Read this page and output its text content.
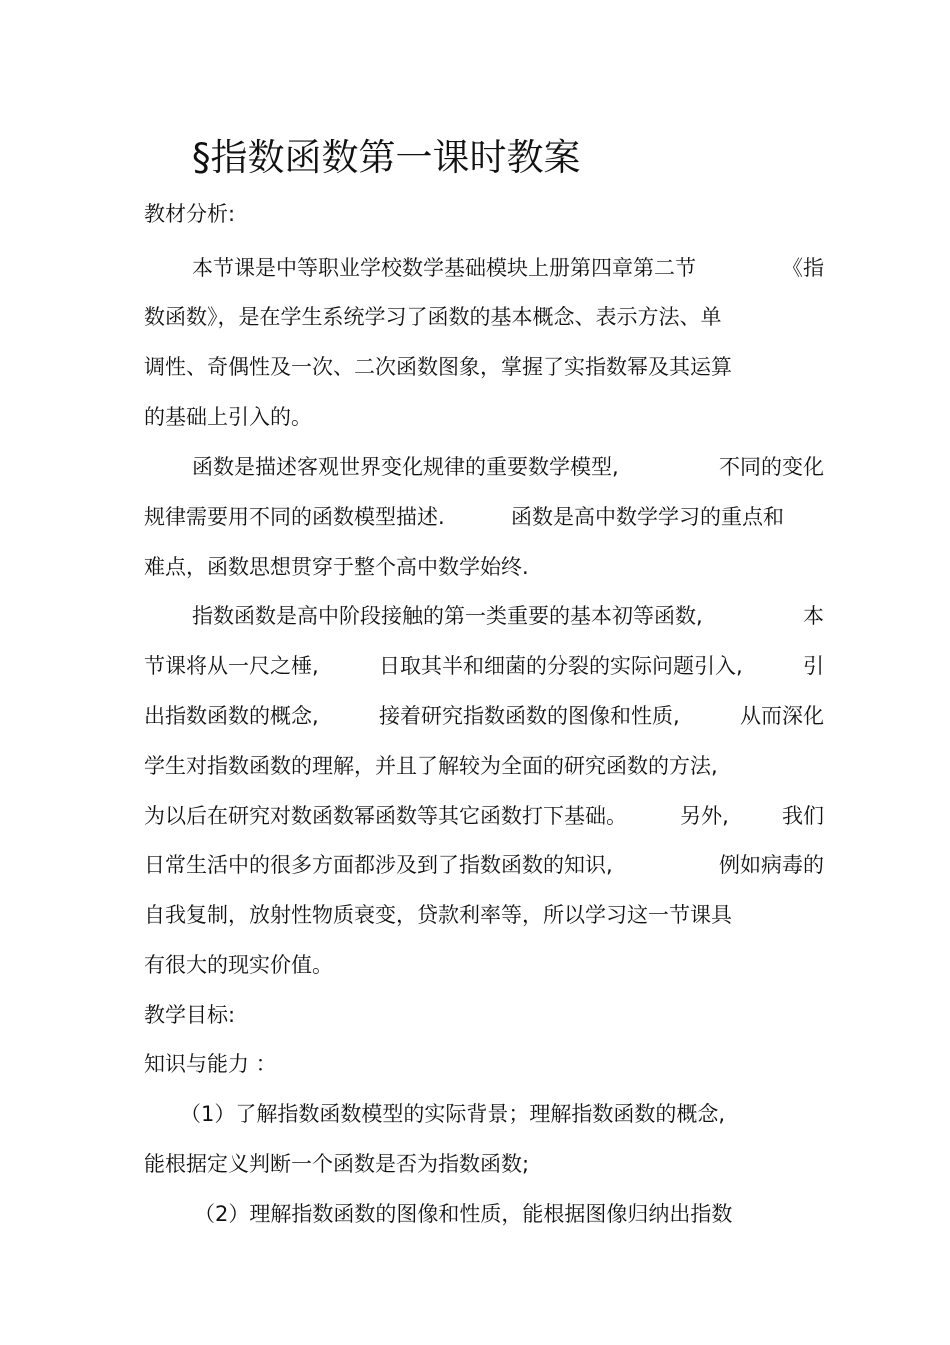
§指数函数第一课时教案
教材分析:
本节课是中等职业学校数学基础模块上册第四章第二节	《指
数函数》，是在学生系统学习了函数的基本概念、表示方法、单
调性、奇偶性及一次、二次函数图象，掌握了实指数幂及其运算
的基础上引入的。
函数是描述客观世界变化规律的重要数学模型,	不同的变化
规律需要用不同的函数模型描述.	函数是高中数学学习的重点和
难点，函数思想贯穿于整个高中数学始终.
指数函数是高中阶段接触的第一类重要的基本初等函数,	本
节课将从一尺之棰,	日取其半和细菌的分裂的实际问题引入,	引
出指数函数的概念,	接着研究指数函数的图像和性质,	从而深化
学生对指数函数的理解，并且了解较为全面的研究函数的方法,
为以后在研究对数函数幂函数等其它函数打下基础。	另外,	我们
日常生活中的很多方面都涉及到了指数函数的知识,	例如病毒的
自我复制，放射性物质衰变，贷款利率等，所以学习这一节课具
有很大的现实价值。
教学目标:
知识与能力 ：
（1）了解指数函数模型的实际背景；理解指数函数的概念,
能根据定义判断一个函数是否为指数函数;
（2）理解指数函数的图像和性质，能根据图像归纳出指数
